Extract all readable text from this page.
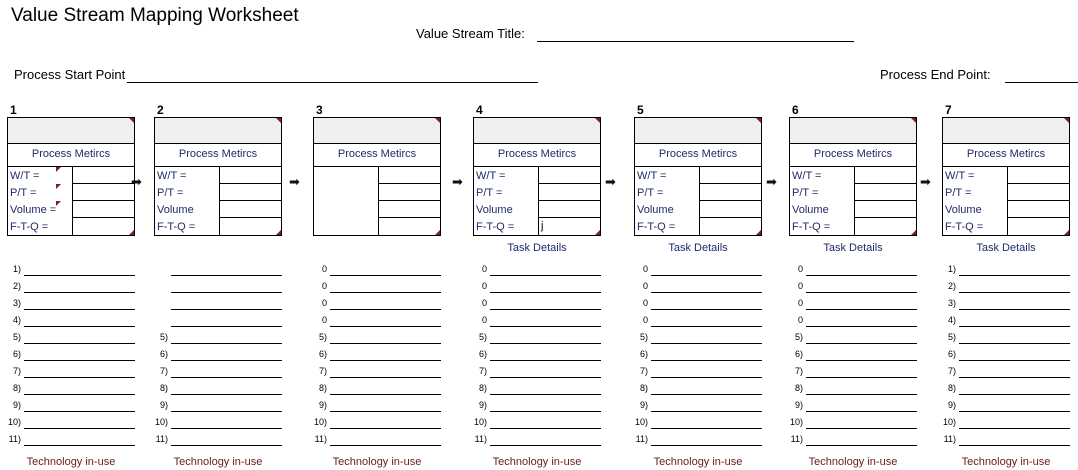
Value Stream Mapping Worksheet
Value Stream Title:
Process Start Point	Process End Point:
1
Process Metircs
W/T =
P/T =
Volume =
F-T-Q =
1)
2)
3)
4)
5)
6)
7)
8)
9)
10)
11)
Technology in-use
2
Process Metircs
W/T =
P/T =
Volume
F-T-Q =
5)
6)
7)
8)
9)
10)
11)
Technology in-use
3
Process Metircs
0
0
0
0
5)
6)
7)
8)
9)
10)
11)
Technology in-use
4
Process Metircs
W/T =
P/T =
Volume
F-T-Q = j
Task Details
0
0
0
0
5)
6)
7)
8)
9)
10)
11)
Technology in-use
5
Process Metircs
W/T =
P/T =
Volume
F-T-Q =
Task Details
0
0
0
0
5)
6)
7)
8)
9)
10)
11)
Technology in-use
6
Process Metircs
W/T =
P/T =
Volume
F-T-Q =
Task Details
0
0
0
0
5)
6)
7)
8)
9)
10)
11)
Technology in-use
7
Process Metircs
W/T =
P/T =
Volume
F-T-Q =
Task Details
1)
2)
3)
4)
5)
6)
7)
8)
9)
10)
11)
Technology in-use
➡	➡	➡	➡	➡	➡
